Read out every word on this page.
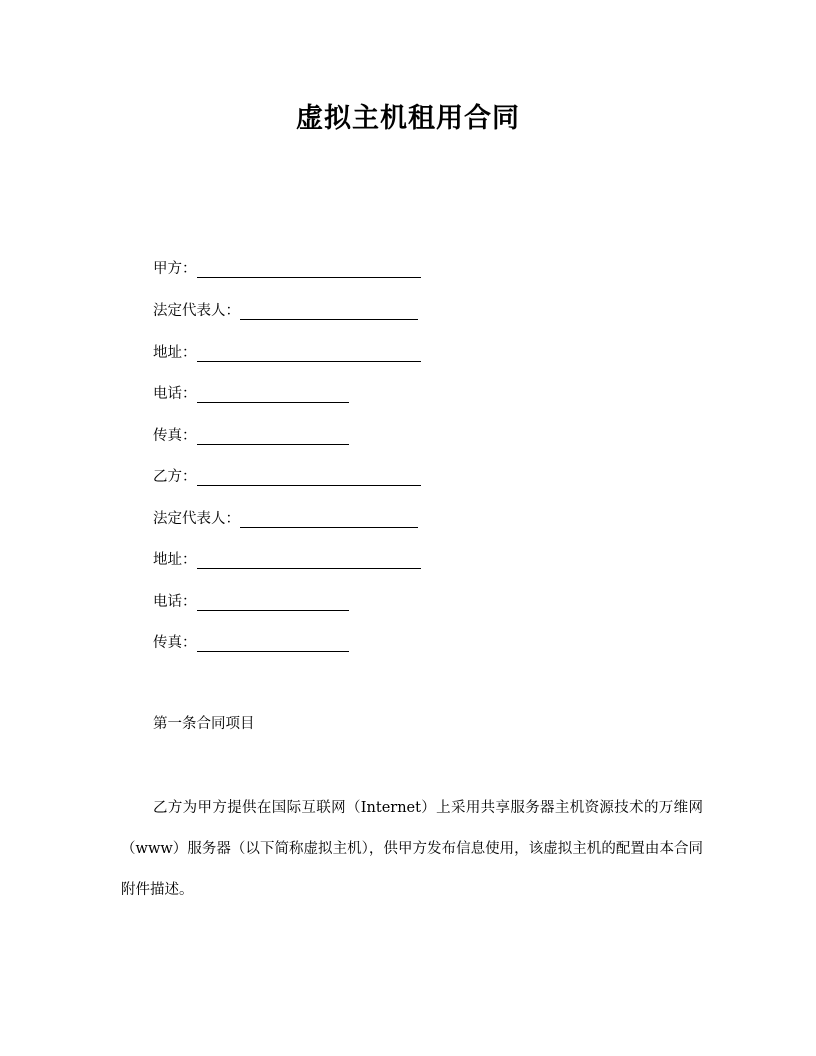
虚拟主机租用合同
甲方：
法定代表人：
地址：
电话：
传真：
乙方：
法定代表人：
地址：
电话：
传真：
第一条合同项目
乙方为甲方提供在国际互联网（Internet）上采用共享服务器主机资源技术的万维网（www）服务器（以下简称虚拟主机），供甲方发布信息使用，该虚拟主机的配置由本合同附件描述。
